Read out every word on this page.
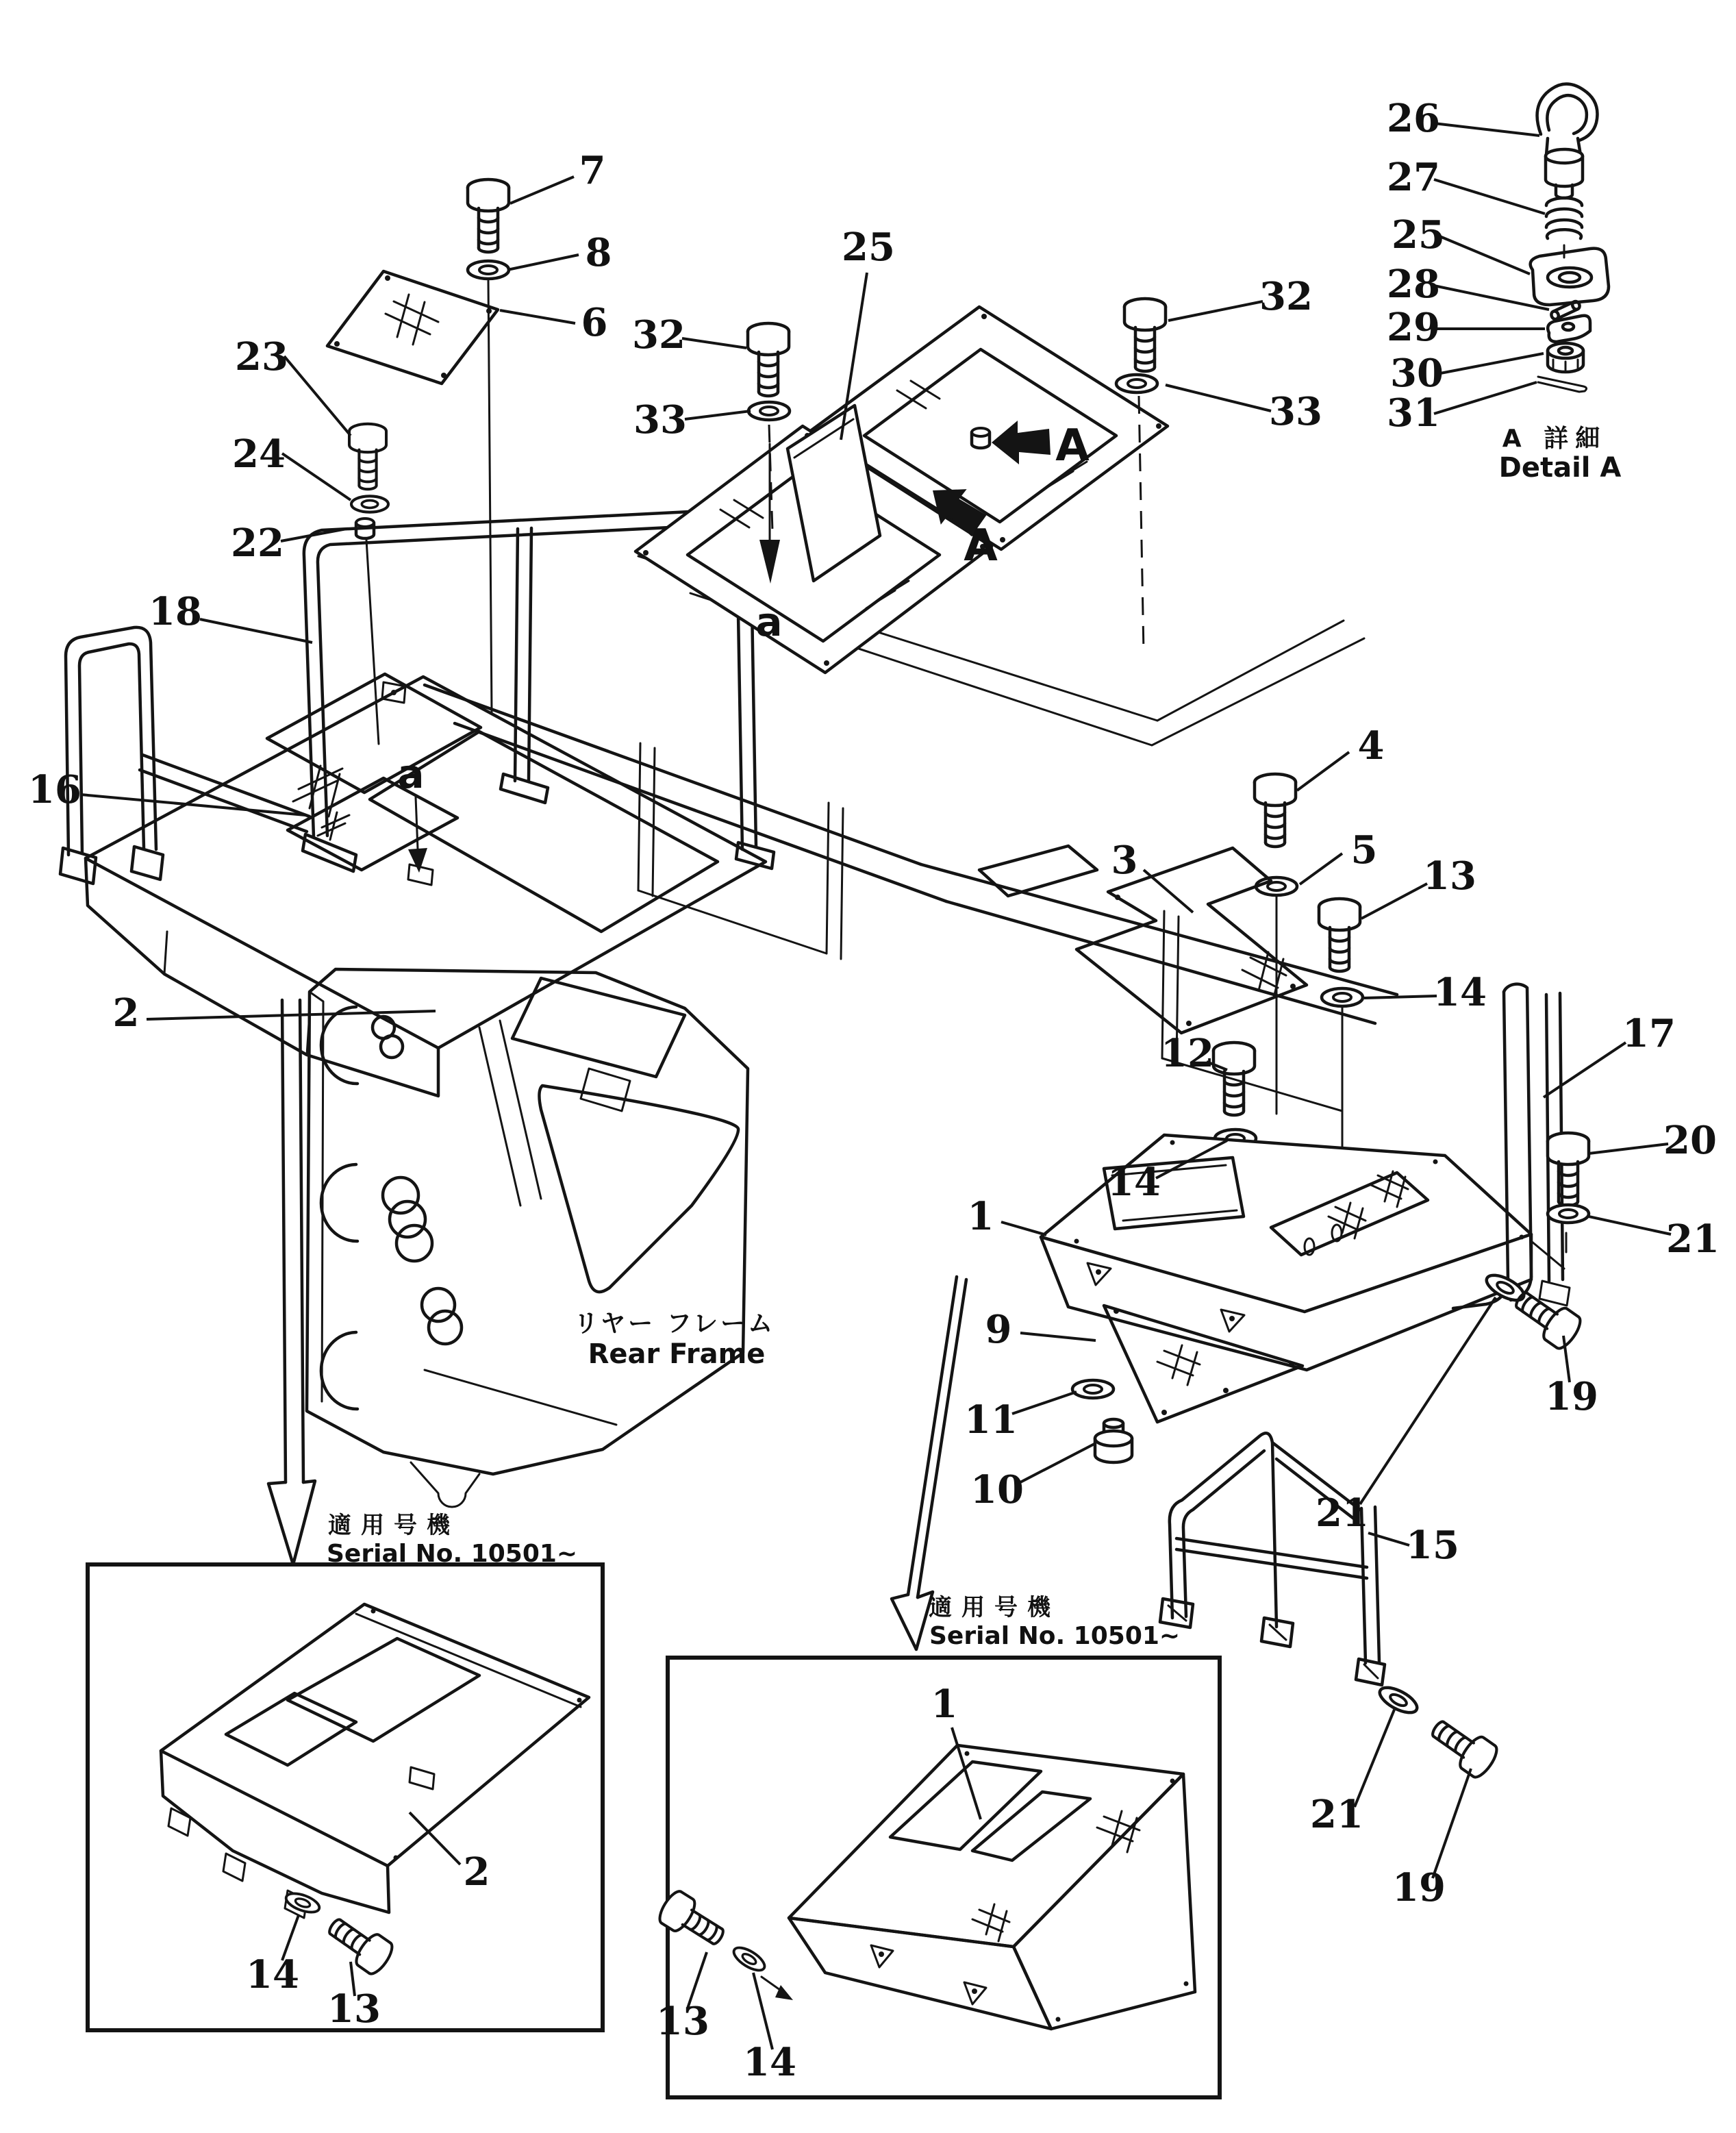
リヤー フレーム
Rear Frame
A 詳細
Detail A
適用号機
Serial No. 10501~
適用号機
Serial No. 10501~
7
8
6
23
24
22
18
16
2
25
32
33
32
33
26
27
25
28
29
30
31
4
5
3	13
14
12
14
17
20
21
1
9
11
10
19
21
15
21
19
2
14
13
1
13
14
A
A
a
a
